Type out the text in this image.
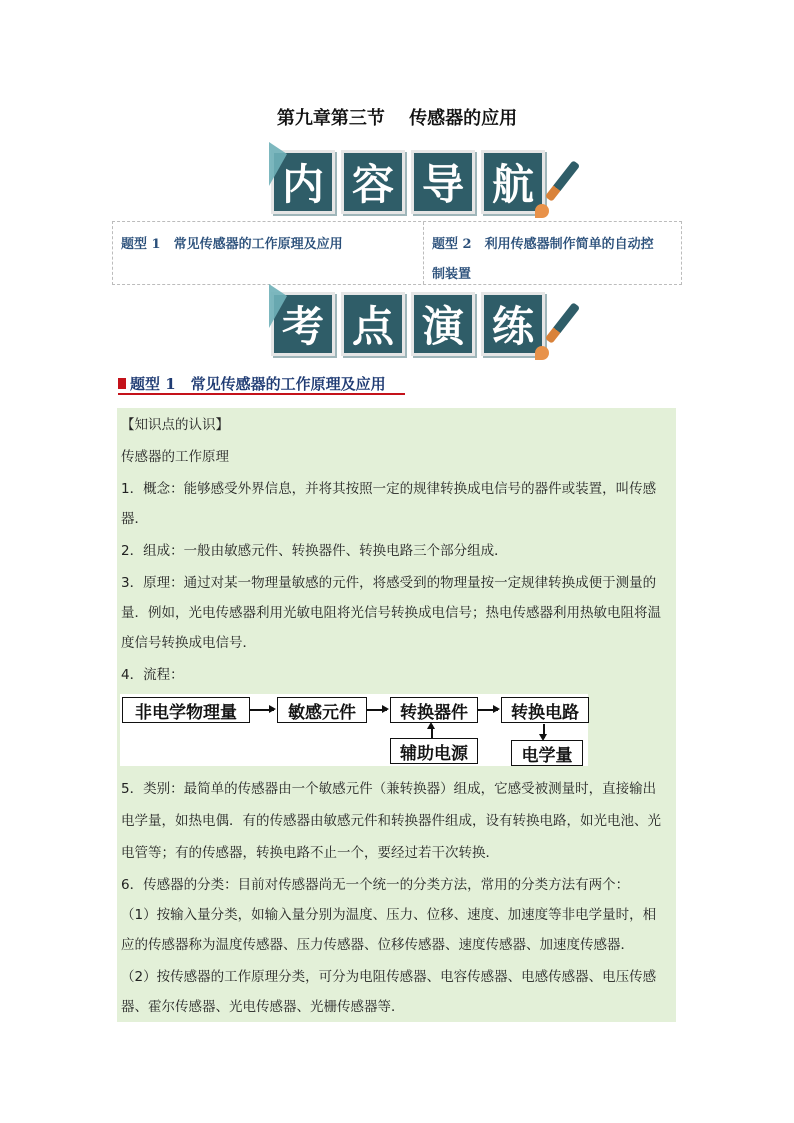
第九章第三节　 传感器的应用
内 容 导 航
题型 1　常见传感器的工作原理及应用	题型 2　利用传感器制作简单的自动控
制装置
考 点 演 练
题型 1　常见传感器的工作原理及应用
【知识点的认识】
传感器的工作原理
1．概念：能够感受外界信息，并将其按照一定的规律转换成电信号的器件或装置，叫传感
器．
2．组成：一般由敏感元件、转换器件、转换电路三个部分组成．
3．原理：通过对某一物理量敏感的元件，将感受到的物理量按一定规律转换成便于测量的
量．例如，光电传感器利用光敏电阻将光信号转换成电信号；热电传感器利用热敏电阻将温
度信号转换成电信号．
4．流程：
非电学物理量	敏感元件	转换器件	转换电路
辅助电源	电学量
5．类别：最简单的传感器由一个敏感元件（兼转换器）组成，它感受被测量时，直接输出
电学量，如热电偶．有的传感器由敏感元件和转换器件组成，设有转换电路，如光电池、光
电管等；有的传感器，转换电路不止一个，要经过若干次转换．
6．传感器的分类：目前对传感器尚无一个统一的分类方法，常用的分类方法有两个：
（1）按输入量分类，如输入量分别为温度、压力、位移、速度、加速度等非电学量时，相
应的传感器称为温度传感器、压力传感器、位移传感器、速度传感器、加速度传感器．
（2）按传感器的工作原理分类，可分为电阻传感器、电容传感器、电感传感器、电压传感
器、霍尔传感器、光电传感器、光栅传感器等．
